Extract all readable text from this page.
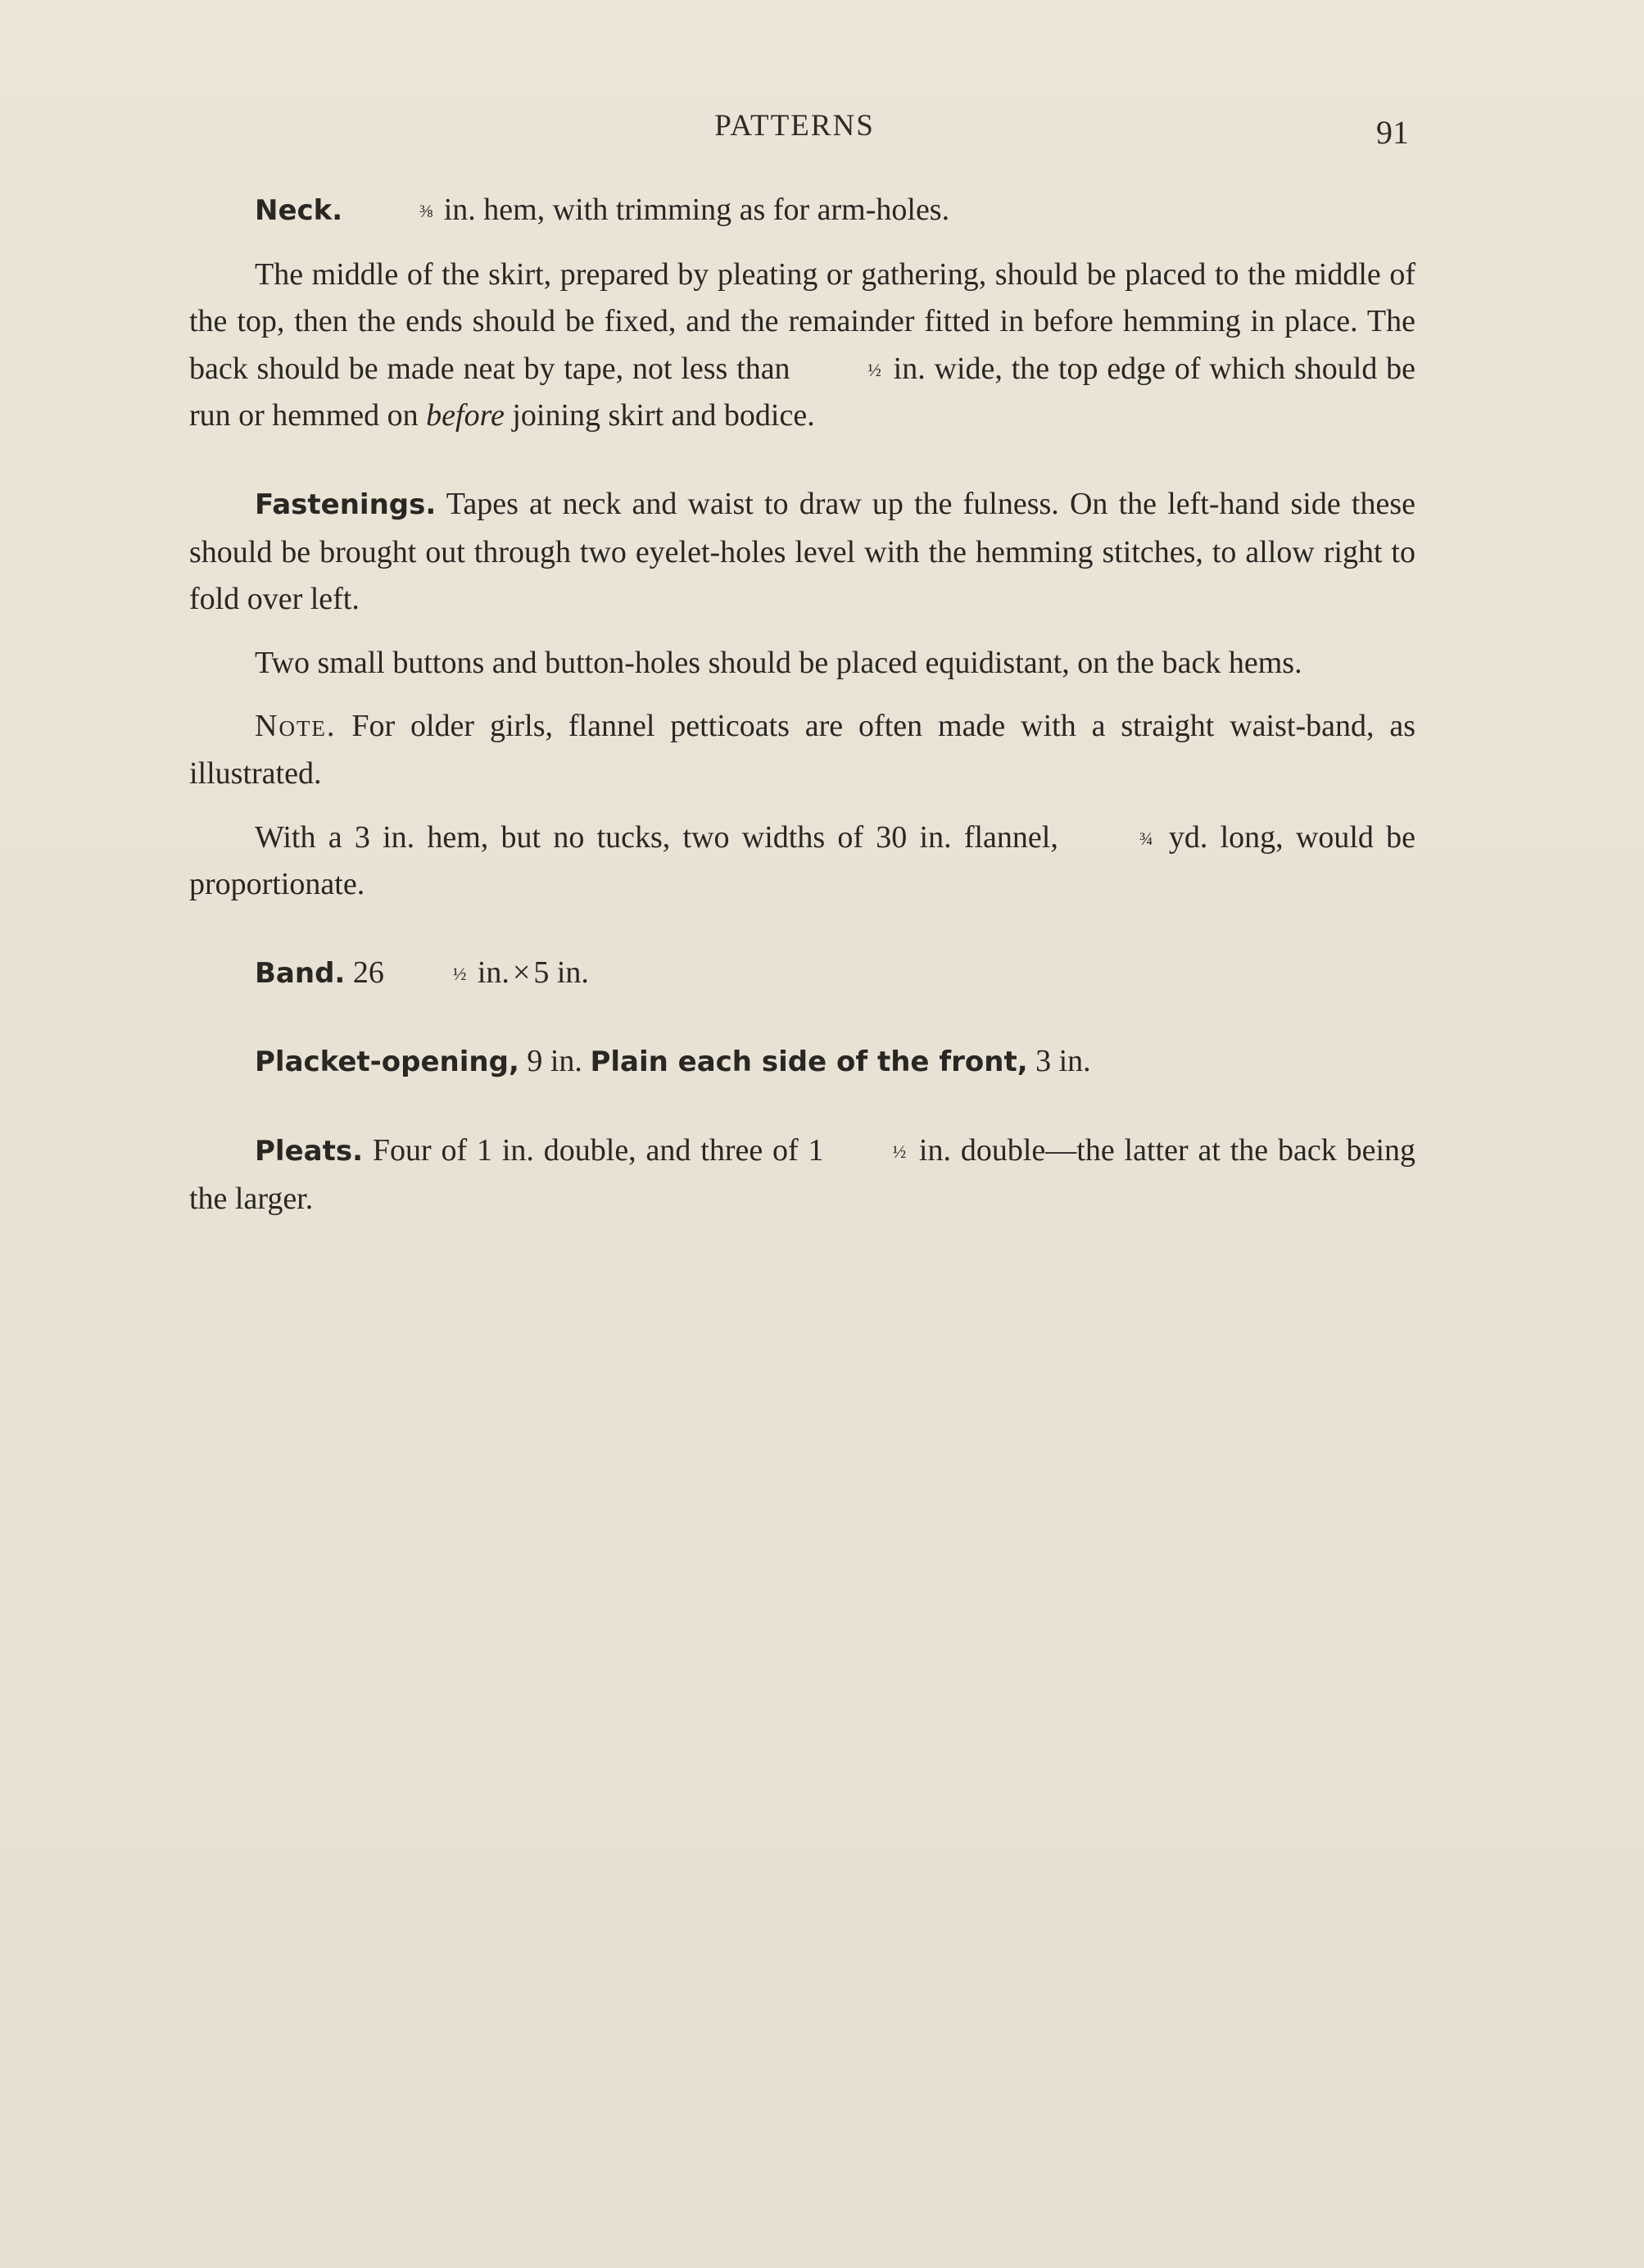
PATTERNS	91

Neck.	⅜ in. hem, with trimming as for arm-holes.

The middle of the skirt, prepared by pleating or gathering, should be placed to the middle of the top, then the ends should be fixed, and the remainder fitted in before hemming in place. The back should be made neat by tape, not less than	½ in. wide, the top edge of which should be run or hemmed on before joining skirt and bodice.

Fastenings. Tapes at neck and waist to draw up the fulness. On the left-hand side these should be brought out through two eyelet-holes level with the hemming stitches, to allow right to fold over left.

Two small buttons and button-holes should be placed equidistant, on the back hems.

Note. For older girls, flannel petticoats are often made with a straight waist-band, as illustrated.

With a 3 in. hem, but no tucks, two widths of 30 in. flannel,	¾ yd. long, would be proportionate.

Band. 26	½ in. × 5 in.

Placket-opening, 9 in. Plain each side of the front, 3 in.

Pleats. Four of 1 in. double, and three of 1	½ in. double—the latter at the back being the larger.
